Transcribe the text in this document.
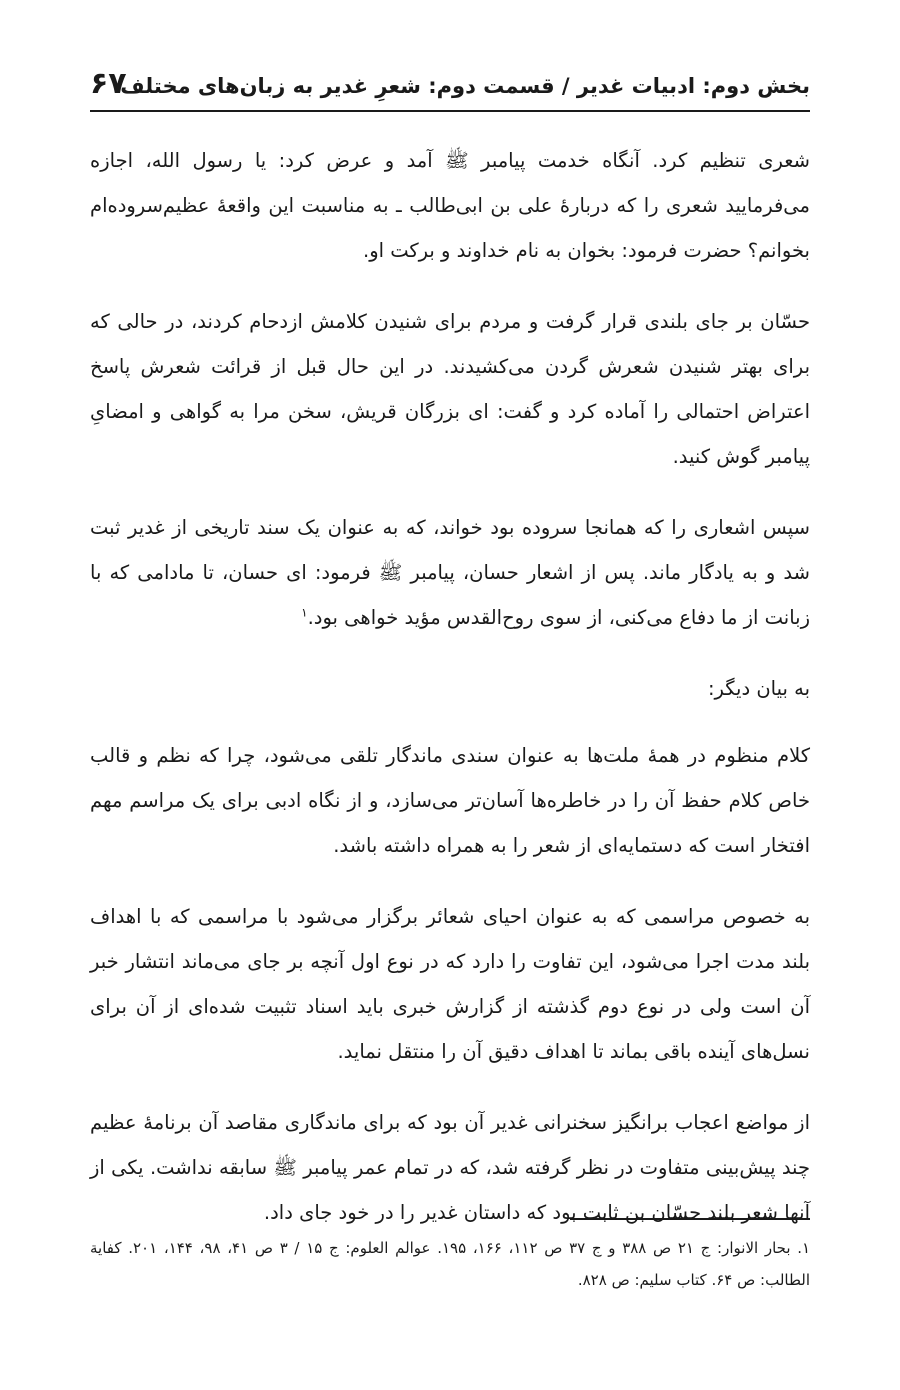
بخش دوم: ادبیات غدیر / قسمت دوم: شعرِ غدیر به زبان‌های مختلف
۶۷

شعری تنظیم کرد. آنگاه خدمت پیامبر ﷺ آمد و عرض کرد: یا رسول الله، اجازه می‌فرمایید شعری را که دربارهٔ علی بن ابی‌طالب ـ به مناسبت این واقعهٔ عظیم‌سروده‌ام بخوانم؟ حضرت فرمود: بخوان به نام خداوند و برکت او.

حسّان بر جای بلندی قرار گرفت و مردم برای شنیدن کلامش ازدحام کردند، در حالی که برای بهتر شنیدن شعرش گردن می‌کشیدند. در این حال قبل از قرائت شعرش پاسخ اعتراض احتمالی را آماده کرد و گفت: ای بزرگان قریش، سخن مرا به گواهی و امضایِ پیامبر گوش کنید.

سپس اشعاری را که همانجا سروده بود خواند، که به عنوان یک سند تاریخی از غدیر ثبت شد و به یادگار ماند. پس از اشعار حسان، پیامبر ﷺ فرمود: ای حسان، تا مادامی که با زبانت از ما دفاع می‌کنی، از سوی روح‌القدس مؤید خواهی بود.$^۱$

به بیان دیگر:

کلام منظوم در همهٔ ملت‌ها به عنوان سندی ماندگار تلقی می‌شود، چرا که نظم و قالب خاص کلام حفظ آن را در خاطره‌ها آسان‌تر می‌سازد، و از نگاه ادبی برای یک مراسم مهم افتخار است که دستمایه‌ای از شعر را به همراه داشته باشد.

به خصوص مراسمی که به عنوان احیای شعائر برگزار می‌شود با مراسمی که با اهداف بلند مدت اجرا می‌شود، این تفاوت را دارد که در نوع اول آنچه بر جای می‌ماند انتشار خبر آن است ولی در نوع دوم گذشته از گزارش خبری باید اسناد تثبیت شده‌ای از آن برای نسل‌های آینده باقی بماند تا اهداف دقیق آن را منتقل نماید.

از مواضع اعجاب برانگیز سخنرانی غدیر آن بود که برای ماندگاری مقاصد آن برنامهٔ عظیم چند پیش‌بینی متفاوت در نظر گرفته شد، که در تمام عمر پیامبر ﷺ سابقه نداشت. یکی از آنها شعر بلند حسّان بن ثابت بود که داستان غدیر را در خود جای داد.

۱. بحار الانوار: ج ۲۱ ص ۳۸۸ و ج ۳۷ ص ۱۱۲، ۱۶۶، ۱۹۵. عوالم العلوم: ج ۱۵ / ۳ ص ۴۱، ۹۸، ۱۴۴، ۲۰۱. کفایة الطالب: ص ۶۴. کتاب سلیم: ص ۸۲۸.
